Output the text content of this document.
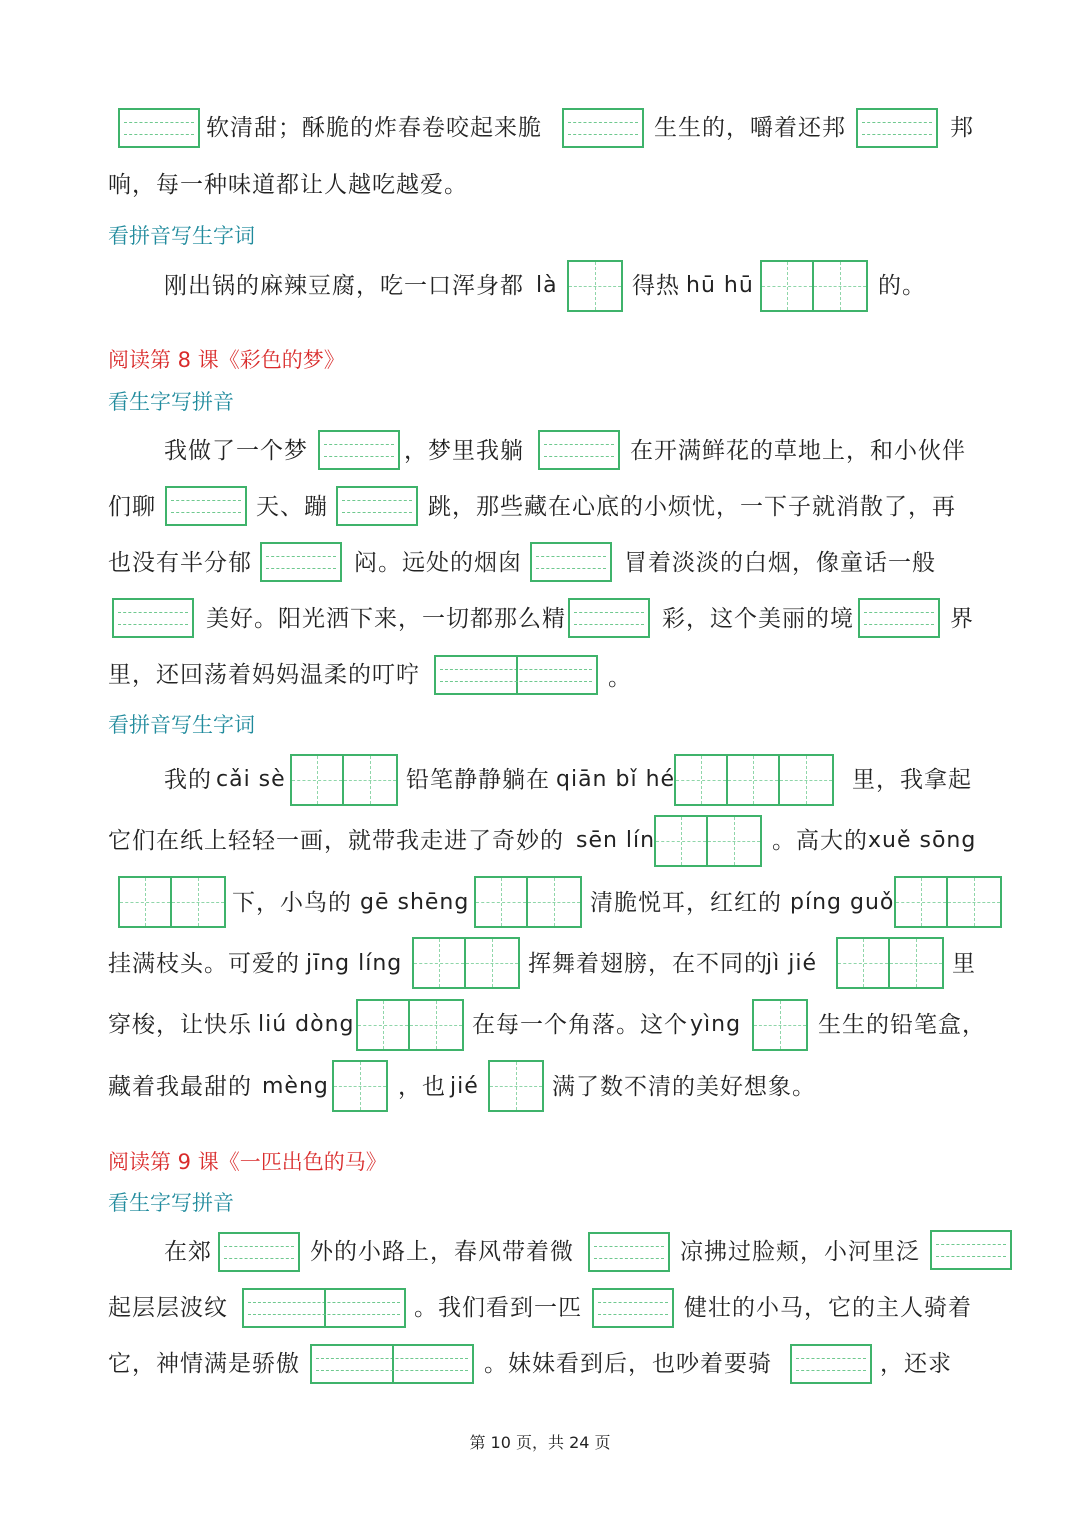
软清甜；酥脆的炸春卷咬起来脆	生生的，嚼着还邦	邦
响，每一种味道都让人越吃越爱。
看拼音写生字词
刚出锅的麻辣豆腐，吃一口浑身都 là	得热 hū hū	的。
阅读第 8 课《彩色的梦》
看生字写拼音
我做了一个梦	，梦里我躺	在开满鲜花的草地上，和小伙伴
们聊	天、蹦	跳，那些藏在心底的小烦忧，一下子就消散了，再
也没有半分郁	闷。远处的烟囱	冒着淡淡的白烟，像童话一般
美好。阳光洒下来，一切都那么精	彩，这个美丽的境	界
里，还回荡着妈妈温柔的叮咛	。
看拼音写生字词
我的 cǎi sè	铅笔静静躺在 qiān bǐ hé	里，我拿起
它们在纸上轻轻一画，就带我走进了奇妙的 sēn lín	。高大的 xuě sōng
下，小鸟的 gē shēng	清脆悦耳，红红的 píng guǒ
挂满枝头。可爱的 jīng líng	挥舞着翅膀，在不同的
jì jié	里
穿梭，让快乐 liú dòng	在每一个角落。这个 yìng	生生的铅笔盒，
藏着我最甜的 mèng	，也 jié	满了数不清的美好想象。
阅读第 9 课《一匹出色的马》
看生字写拼音
在郊	外的小路上，春风带着微	凉拂过脸颊，小河里泛
起层层波纹	。我们看到一匹	健壮的小马，它的主人骑着
它，神情满是骄傲	。妹妹看到后，也吵着要骑	，还求
第 10 页，共 24 页
